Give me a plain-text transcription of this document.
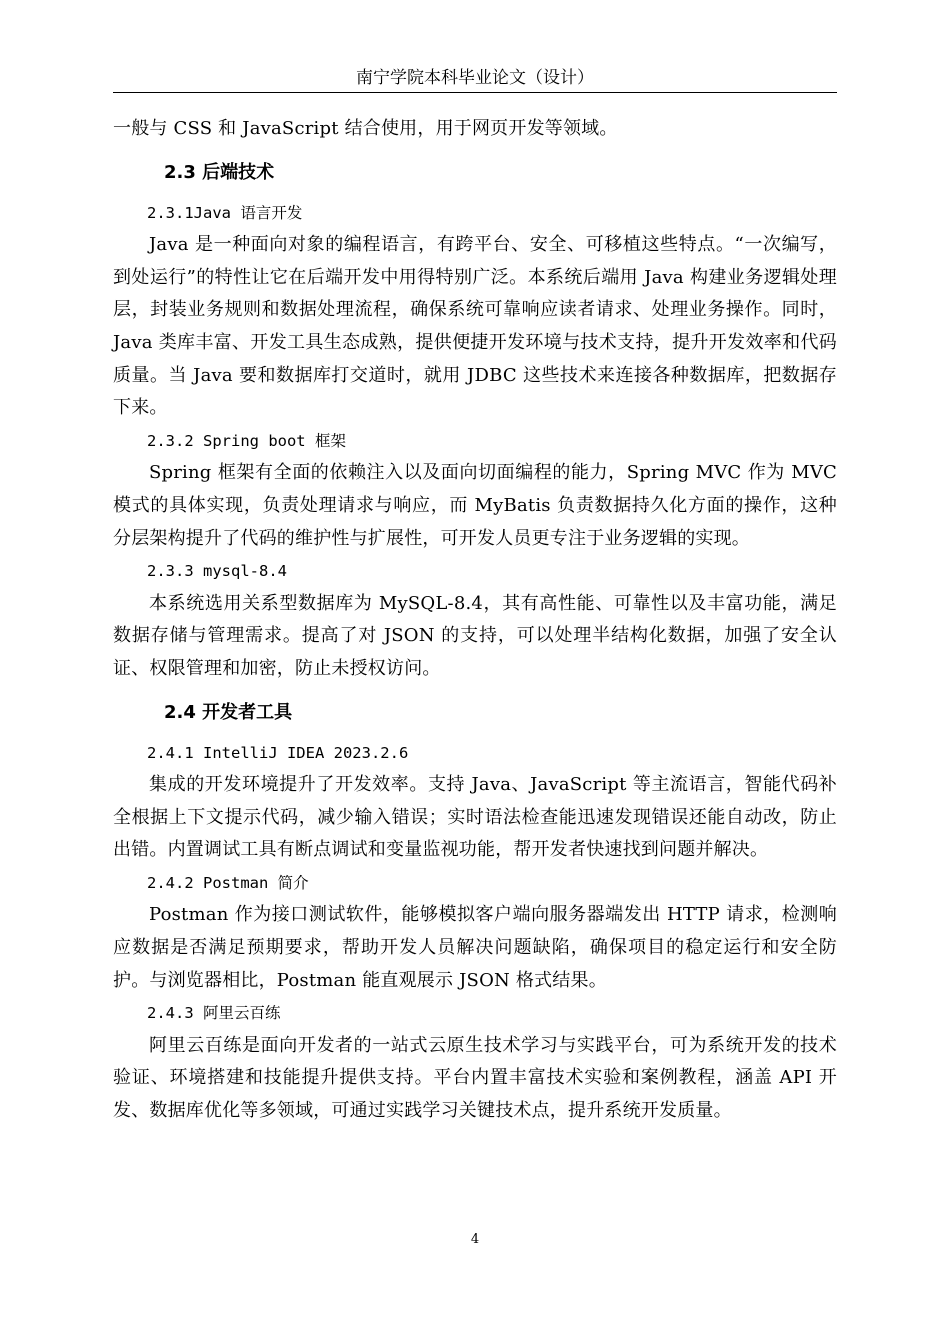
南宁学院本科毕业论文（设计）

一般与 CSS 和 JavaScript 结合使用，用于网页开发等领域。

2.3 后端技术
2.3.1Java 语言开发

Java 是一种面向对象的编程语言，有跨平台、安全、可移植这些特点。“一次编写，到处运行”的特性让它在后端开发中用得特别广泛。本系统后端用 Java 构建业务逻辑处理层，封装业务规则和数据处理流程，确保系统可靠响应读者请求、处理业务操作。同时，Java 类库丰富、开发工具生态成熟，提供便捷开发环境与技术支持，提升开发效率和代码质量。当 Java 要和数据库打交道时，就用 JDBC 这些技术来连接各种数据库，把数据存下来。

2.3.2 Spring boot 框架

Spring 框架有全面的依赖注入以及面向切面编程的能力，Spring MVC 作为 MVC 模式的具体实现，负责处理请求与响应，而 MyBatis 负责数据持久化方面的操作，这种分层架构提升了代码的维护性与扩展性，可开发人员更专注于业务逻辑的实现。

2.3.3 mysql-8.4

本系统选用关系型数据库为 MySQL-8.4，其有高性能、可靠性以及丰富功能，满足数据存储与管理需求。提高了对 JSON 的支持，可以处理半结构化数据，加强了安全认证、权限管理和加密，防止未授权访问。

2.4 开发者工具
2.4.1 IntelliJ IDEA 2023.2.6

集成的开发环境提升了开发效率。支持 Java、JavaScript 等主流语言，智能代码补全根据上下文提示代码，减少输入错误；实时语法检查能迅速发现错误还能自动改，防止出错。内置调试工具有断点调试和变量监视功能，帮开发者快速找到问题并解决。

2.4.2 Postman 简介

Postman 作为接口测试软件，能够模拟客户端向服务器端发出 HTTP 请求，检测响应数据是否满足预期要求，帮助开发人员解决问题缺陷，确保项目的稳定运行和安全防护。与浏览器相比，Postman 能直观展示 JSON 格式结果。

2.4.3 阿里云百练

阿里云百练是面向开发者的一站式云原生技术学习与实践平台，可为系统开发的技术验证、环境搭建和技能提升提供支持。平台内置丰富技术实验和案例教程，涵盖 API 开发、数据库优化等多领域，可通过实践学习关键技术点，提升系统开发质量。

4
